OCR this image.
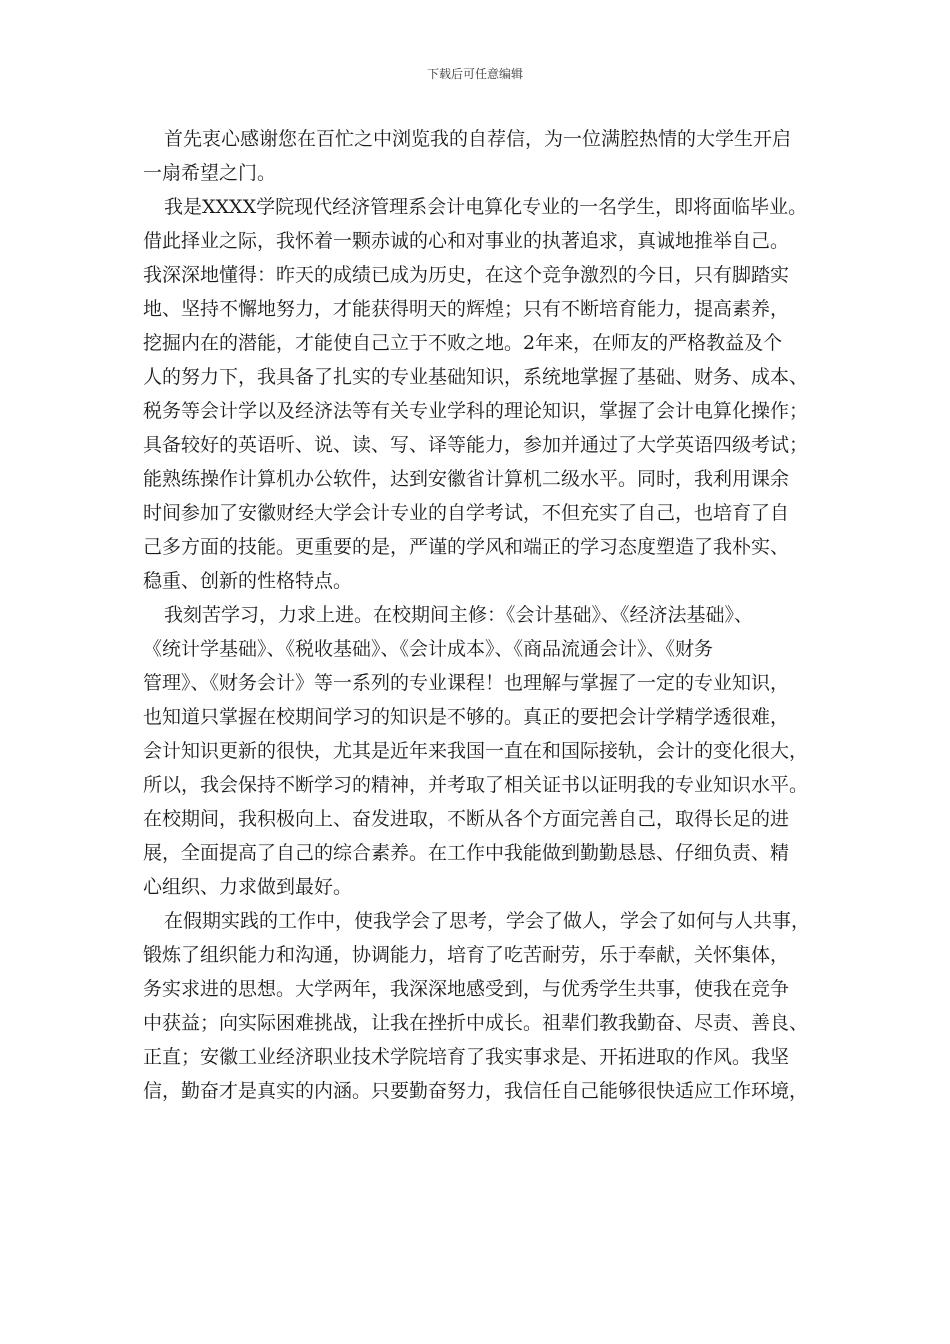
下载后可任意编辑
首先衷心感谢您在百忙之中浏览我的自荐信，为一位满腔热情的大学生开启
一扇希望之门。
我是XXXX学院现代经济管理系会计电算化专业的一名学生，即将面临毕业。
借此择业之际，我怀着一颗赤诚的心和对事业的执著追求，真诚地推举自己。
我深深地懂得：昨天的成绩已成为历史，在这个竞争激烈的今日，只有脚踏实
地、坚持不懈地努力，才能获得明天的辉煌；只有不断培育能力，提高素养，
挖掘内在的潜能，才能使自己立于不败之地。2年来，在师友的严格教益及个
人的努力下，我具备了扎实的专业基础知识，系统地掌握了基础、财务、成本、
税务等会计学以及经济法等有关专业学科的理论知识，掌握了会计电算化操作；
具备较好的英语听、说、读、写、译等能力，参加并通过了大学英语四级考试；
能熟练操作计算机办公软件，达到安徽省计算机二级水平。同时，我利用课余
时间参加了安徽财经大学会计专业的自学考试，不但充实了自己，也培育了自
己多方面的技能。更重要的是，严谨的学风和端正的学习态度塑造了我朴实、
稳重、创新的性格特点。
我刻苦学习，力求上进。在校期间主修：《会计基础》、《经济法基础》、
《统计学基础》、《税收基础》、《会计成本》、《商品流通会计》、《财务
管理》、《财务会计》等一系列的专业课程！也理解与掌握了一定的专业知识，
也知道只掌握在校期间学习的知识是不够的。真正的要把会计学精学透很难，
会计知识更新的很快，尤其是近年来我国一直在和国际接轨，会计的变化很大，
所以，我会保持不断学习的精神，并考取了相关证书以证明我的专业知识水平。
在校期间，我积极向上、奋发进取，不断从各个方面完善自己，取得长足的进
展，全面提高了自己的综合素养。在工作中我能做到勤勤恳恳、仔细负责、精
心组织、力求做到最好。
在假期实践的工作中，使我学会了思考，学会了做人，学会了如何与人共事，
锻炼了组织能力和沟通，协调能力，培育了吃苦耐劳，乐于奉献，关怀集体，
务实求进的思想。大学两年，我深深地感受到，与优秀学生共事，使我在竞争
中获益；向实际困难挑战，让我在挫折中成长。祖辈们教我勤奋、尽责、善良、
正直；安徽工业经济职业技术学院培育了我实事求是、开拓进取的作风。我坚
信，勤奋才是真实的内涵。只要勤奋努力，我信任自己能够很快适应工作环境，
